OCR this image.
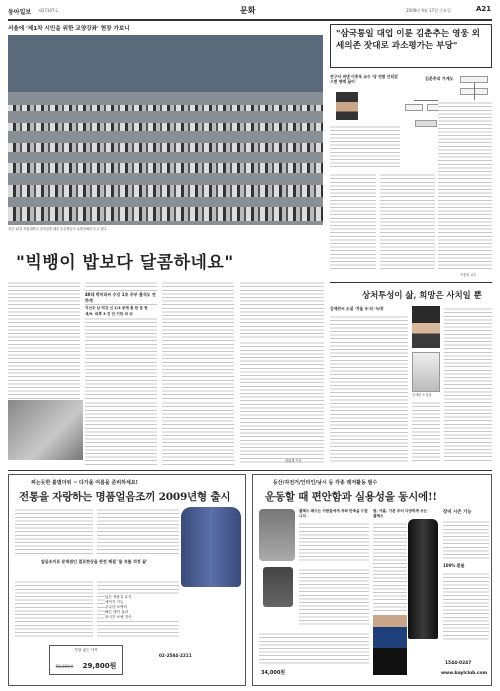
동아일보 제27107호	문화	2009년 9월 17일 수요일	A21
서울에 '제1차 시민을 위한 교양강좌' 현장 가보니
지난 12일 서울대학교 강의실을 메운 수강생들이 교양강좌를 듣고 있다.
"빅뱅이 밥보다 달콤하네요"
40대 박미라씨 수강 1호 주부 출석도 연하게
지난주 남 덕강 신 1/3 문제 통 한 등 한 세/9. 외쪽 3 건 안 기만 외 위
장원재 기자
"삼국통일 대업 이룬 김춘추는 영웅 외세의존 잣대로 과소평가는 부당"
연구서 펴낸 이종욱 교수 '당 연합 안되었으면 명맥 끊어'
김춘추의 가계도
이종욱 교수
상처투성이 삶, 희망은 사치일 뿐
김애란씨 소설 '겨울 우'의 '늑대'
김애란 소설집
찌는듯한 불볕더위 ~ 다가올 여름을 준비하세요!
전통을 자랑하는 명품얼음조끼 2009년형 출시
얼음조끼로 문제점인 결로현상을 완전 해결 '물 흐를 걱정 끝'
넓은 착용감 유지
세탁기 가능
우수한 보냉력
빠른 냉각 효과
장시간 보냉 지속
부담 없는 가격
58,000원 29,800원
02-2584-2211
등산/자전거/인라인/낚시 등 각종 레저활동 필수
운동할 때 편안함과 실용성을 동시에!!
쿨맥스 패드는 사람들에게 저희 만족을 드립니다
땀, 여름, 기본 부터 다양하게 쓰는 쿨맥스
장비 시즌 기능
100% 환불
34,000원
1544-0247
www.baylclub.com
